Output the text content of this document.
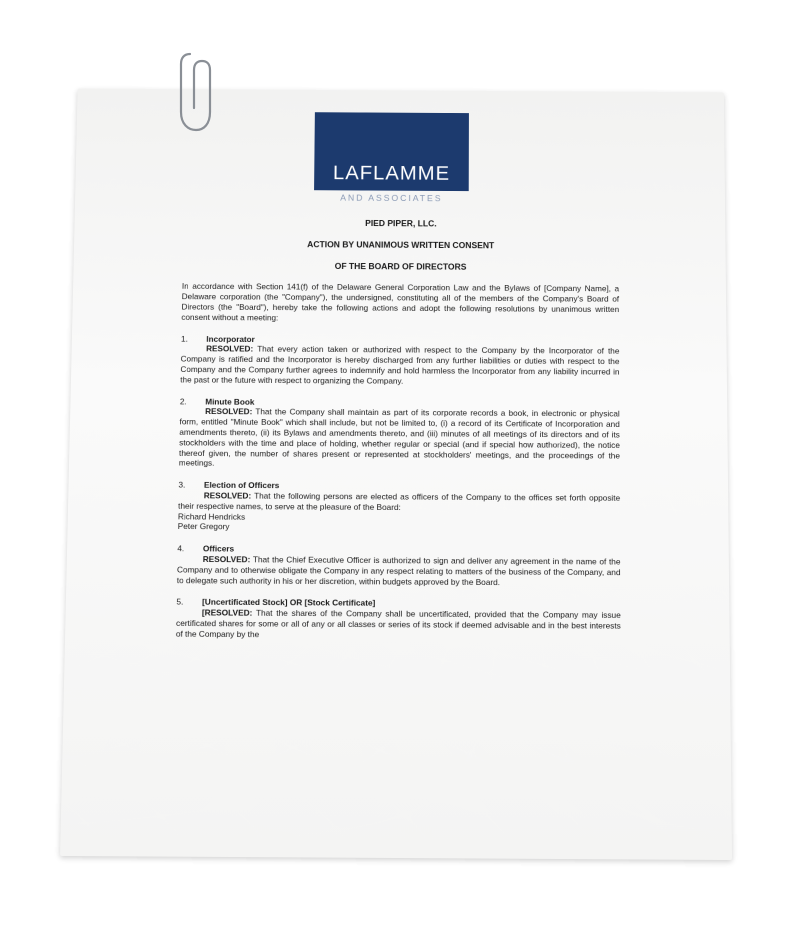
LAFLAMME
AND ASSOCIATES
PIED PIPER, LLC.
ACTION BY UNANIMOUS WRITTEN CONSENT
OF THE BOARD OF DIRECTORS
In accordance with Section 141(f) of the Delaware General Corporation Law and the Bylaws of [Company Name], a Delaware corporation (the "Company"), the undersigned, constituting all of the members of the Company's Board of Directors (the "Board"), hereby take the following actions and adopt the following resolutions by unanimous written consent without a meeting:
1.	Incorporator
RESOLVED: That every action taken or authorized with respect to the Company by the Incorporator of the Company is ratified and the Incorporator is hereby discharged from any further liabilities or duties with respect to the Company and the Company further agrees to indemnify and hold harmless the Incorporator from any liability incurred in the past or the future with respect to organizing the Company.
2.	Minute Book
RESOLVED: That the Company shall maintain as part of its corporate records a book, in electronic or physical form, entitled "Minute Book" which shall include, but not be limited to, (i) a record of its Certificate of Incorporation and amendments thereto, (ii) its Bylaws and amendments thereto, and (iii) minutes of all meetings of its directors and of its stockholders with the time and place of holding, whether regular or special (and if special how authorized), the notice thereof given, the number of shares present or represented at stockholders' meetings, and the proceedings of the meetings.
3.	Election of Officers
RESOLVED: That the following persons are elected as officers of the Company to the offices set forth opposite their respective names, to serve at the pleasure of the Board:
Richard Hendricks
Peter Gregory
4.	Officers
RESOLVED: That the Chief Executive Officer is authorized to sign and deliver any agreement in the name of the Company and to otherwise obligate the Company in any respect relating to matters of the business of the Company, and to delegate such authority in his or her discretion, within budgets approved by the Board.
5.	[Uncertificated Stock] OR [Stock Certificate]
[RESOLVED: That the shares of the Company shall be uncertificated, provided that the Company may issue certificated shares for some or all of any or all classes or series of its stock if deemed advisable and in the best interests of the Company by the
